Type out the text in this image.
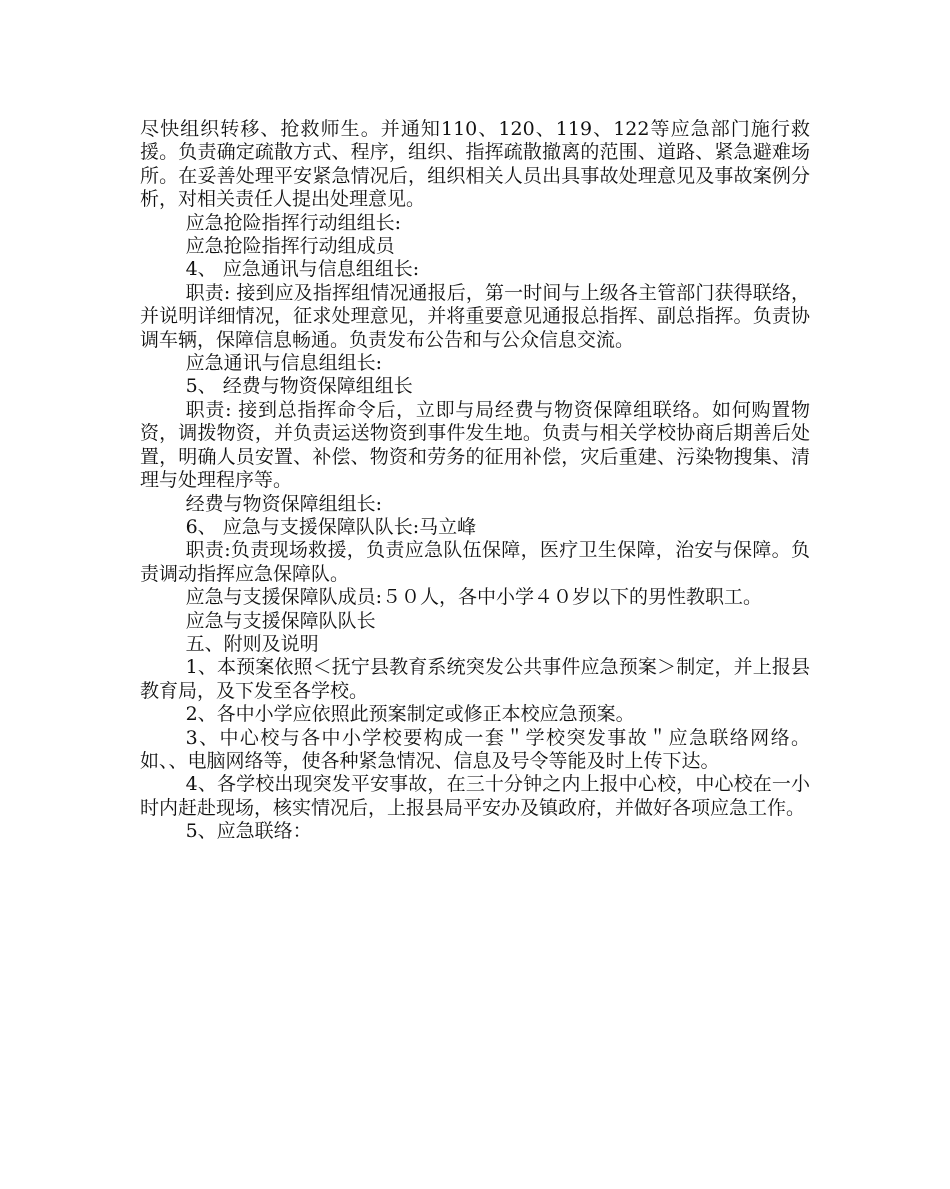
尽快组织转移、抢救师生。并通知110、120、119、122等应急部门施行救援。负责确定疏散方式、程序，组织、指挥疏散撤离的范围、道路、紧急避难场所。在妥善处理平安紧急情况后，组织相关人员出具事故处理意见及事故案例分析，对相关责任人提出处理意见。

应急抢险指挥行动组组长:

应急抢险指挥行动组成员

4、 应急通讯与信息组组长:

职责: 接到应及指挥组情况通报后，第一时间与上级各主管部门获得联络，并说明详细情况，征求处理意见，并将重要意见通报总指挥、副总指挥。负责协调车辆，保障信息畅通。负责发布公告和与公众信息交流。

应急通讯与信息组组长:

5、 经费与物资保障组组长

职责: 接到总指挥命令后，立即与局经费与物资保障组联络。如何购置物资，调拨物资，并负责运送物资到事件发生地。负责与相关学校协商后期善后处置，明确人员安置、补偿、物资和劳务的征用补偿，灾后重建、污染物搜集、清理与处理程序等。

经费与物资保障组组长:

6、 应急与支援保障队队长:马立峰

职责:负责现场救援，负责应急队伍保障，医疗卫生保障，治安与保障。负责调动指挥应急保障队。

应急与支援保障队成员:５０人，各中小学４０岁以下的男性教职工。

应急与支援保障队队长

五、附则及说明

1、本预案依照＜抚宁县教育系统突发公共事件应急预案＞制定，并上报县教育局，及下发至各学校。

2、各中小学应依照此预案制定或修正本校应急预案。

3、中心校与各中小学校要构成一套＂学校突发事故＂应急联络网络。如、、电脑网络等，使各种紧急情况、信息及号令等能及时上传下达。

4、各学校出现突发平安事故，在三十分钟之内上报中心校，中心校在一小时内赶赴现场，核实情况后，上报县局平安办及镇政府，并做好各项应急工作。

5、应急联络：
